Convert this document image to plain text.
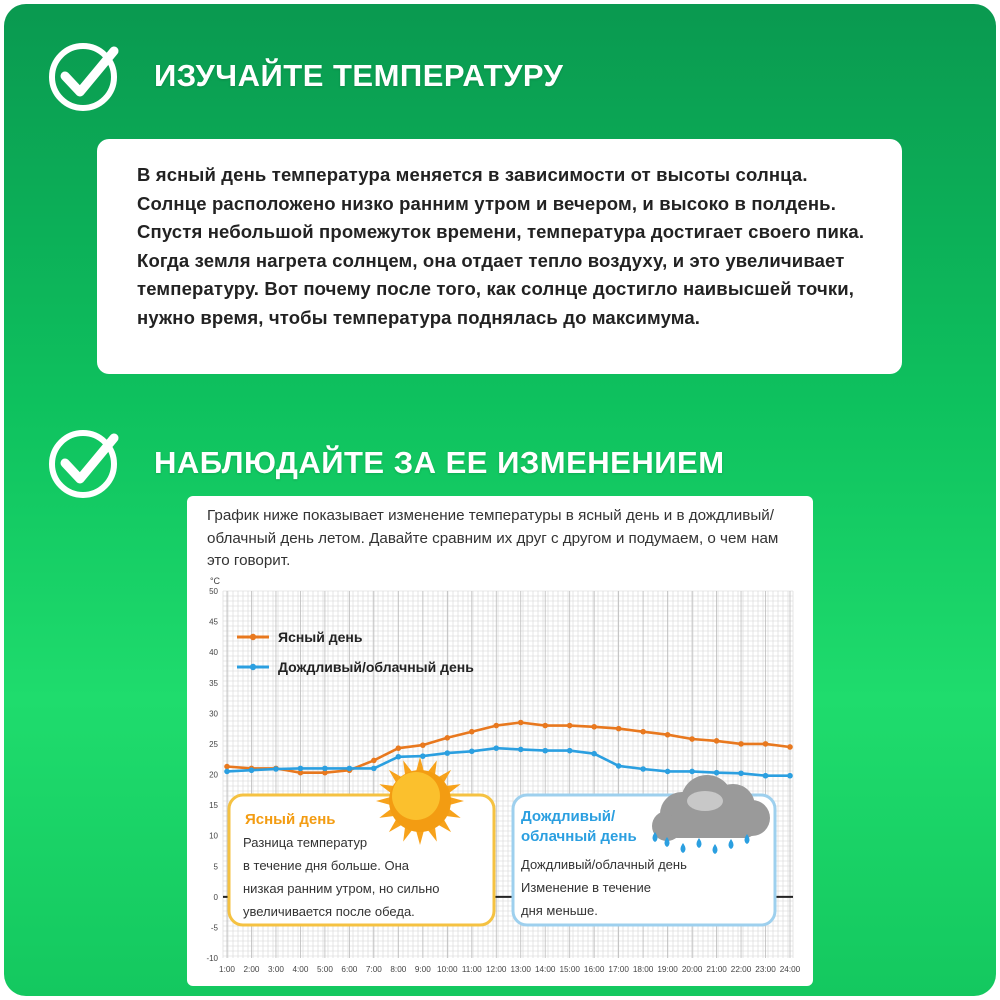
ИЗУЧАЙТЕ ТЕМПЕРАТУРУ

В ясный день температура меняется в зависимости от высоты солнца. Солнце расположено низко ранним утром и вечером, и высоко в полдень. Спустя небольшой промежуток времени, температура достигает своего пика. Когда земля нагрета солнцем, она отдает тепло воздуху, и это увеличивает температуру. Вот почему после того, как солнце достигло наивысшей точки, нужно время, чтобы температура поднялась до максимума.

НАБЛЮДАЙТЕ ЗА ЕЕ ИЗМЕНЕНИЕМ

График ниже показывает изменение температуры в ясный день и в дождливый/облачный день летом. Давайте сравним их друг с другом и подумаем, о чем нам это говорит.

-10
-5
0
5
10
15
20
25
30
35
40
45
50
°C
1:00 2:00 3:00 4:00 5:00 6:00 7:00 8:00 9:00 10:00 11:00 12:00 13:00 14:00 15:00 16:00 17:00 18:00 19:00 20:00 21:00 22:00 23:00 24:00
Ясный день
Дождливый/облачный день
Ясный день
Разница температур
в течение дня больше. Она
низкая ранним утром, но сильно
увеличивается после обеда.
Дождливый/
облачный день
Дождливый/облачный день
Изменение в течение
дня меньше.
